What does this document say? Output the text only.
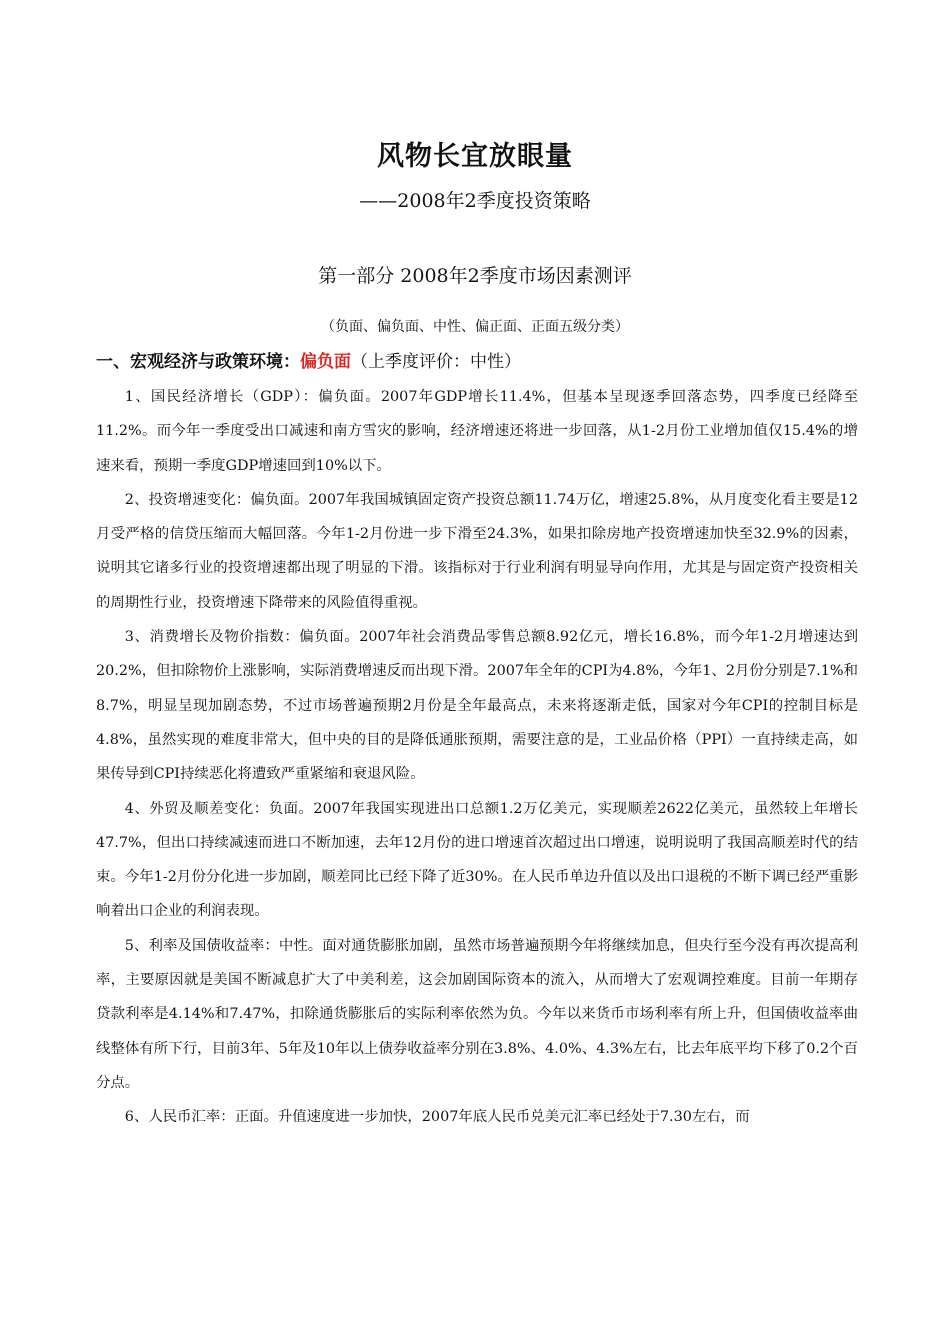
风物长宜放眼量
——2008年2季度投资策略
第一部分 2008年2季度市场因素测评
（负面、偏负面、中性、偏正面、正面五级分类）
一、宏观经济与政策环境：偏负面（上季度评价：中性）

1、国民经济增长（GDP）：偏负面。2007年GDP增长11.4%，但基本呈现逐季回落态势，四季度已经降至11.2%。而今年一季度受出口减速和南方雪灾的影响，经济增速还将进一步回落，从1-2月份工业增加值仅15.4%的增速来看，预期一季度GDP增速回到10%以下。

2、投资增速变化：偏负面。2007年我国城镇固定资产投资总额11.74万亿，增速25.8%，从月度变化看主要是12月受严格的信贷压缩而大幅回落。今年1-2月份进一步下滑至24.3%，如果扣除房地产投资增速加快至32.9%的因素，说明其它诸多行业的投资增速都出现了明显的下滑。该指标对于行业利润有明显导向作用，尤其是与固定资产投资相关的周期性行业，投资增速下降带来的风险值得重视。

3、消费增长及物价指数：偏负面。2007年社会消费品零售总额8.92亿元，增长16.8%，而今年1-2月增速达到20.2%，但扣除物价上涨影响，实际消费增速反而出现下滑。2007年全年的CPI为4.8%，今年1、2月份分别是7.1%和8.7%，明显呈现加剧态势，不过市场普遍预期2月份是全年最高点，未来将逐渐走低，国家对今年CPI的控制目标是4.8%，虽然实现的难度非常大，但中央的目的是降低通胀预期，需要注意的是，工业品价格（PPI）一直持续走高，如果传导到CPI持续恶化将遭致严重紧缩和衰退风险。

4、外贸及顺差变化：负面。2007年我国实现进出口总额1.2万亿美元，实现顺差2622亿美元，虽然较上年增长47.7%，但出口持续减速而进口不断加速，去年12月份的进口增速首次超过出口增速，说明说明了我国高顺差时代的结束。今年1-2月份分化进一步加剧，顺差同比已经下降了近30%。在人民币单边升值以及出口退税的不断下调已经严重影响着出口企业的利润表现。

5、利率及国债收益率：中性。面对通货膨胀加剧，虽然市场普遍预期今年将继续加息，但央行至今没有再次提高利率，主要原因就是美国不断减息扩大了中美利差，这会加剧国际资本的流入，从而增大了宏观调控难度。目前一年期存贷款利率是4.14%和7.47%，扣除通货膨胀后的实际利率依然为负。今年以来货币市场利率有所上升，但国债收益率曲线整体有所下行，目前3年、5年及10年以上债券收益率分别在3.8%、4.0%、4.3%左右，比去年底平均下移了0.2个百分点。

6、人民币汇率：正面。升值速度进一步加快，2007年底人民币兑美元汇率已经处于7.30左右，而
